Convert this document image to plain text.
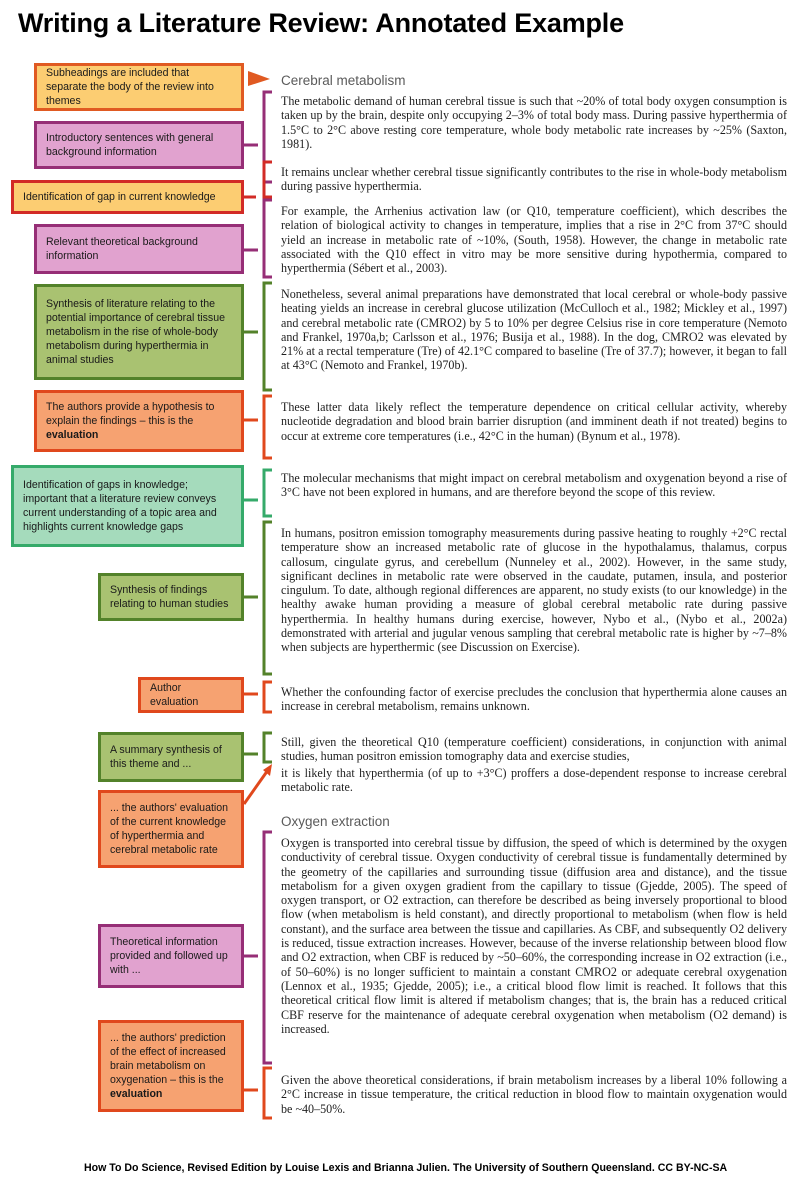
Writing a Literature Review: Annotated Example
Subheadings are included that separate the body of the review into themes
Introductory sentences with general background information
Identification of gap in current knowledge
Relevant theoretical background information
Synthesis of literature relating to the potential importance of cerebral tissue metabolism in the rise of whole-body metabolism during hyperthermia in animal studies
The authors provide a hypothesis to explain the findings – this is the evaluation
Identification of gaps in knowledge; important that a literature review conveys current understanding of a topic area and highlights current knowledge gaps
Synthesis of findings relating to human studies
Author evaluation
A summary synthesis of this theme and ...
... the authors' evaluation of the current knowledge of hyperthermia and cerebral metabolic rate
Theoretical information provided and followed up with ...
... the authors' prediction of the effect of increased brain metabolism on oxygenation – this is the evaluation
Cerebral metabolism
The metabolic demand of human cerebral tissue is such that ~20% of total body oxygen consumption is taken up by the brain, despite only occupying 2–3% of total body mass. During passive hyperthermia of 1.5°C to 2°C above resting core temperature, whole body metabolic rate increases by ~25% (Saxton, 1981).
It remains unclear whether cerebral tissue significantly contributes to the rise in whole-body metabolism during passive hyperthermia.
For example, the Arrhenius activation law (or Q10, temperature coefficient), which describes the relation of biological activity to changes in temperature, implies that a rise in 2°C from 37°C should yield an increase in metabolic rate of ~10%, (South, 1958). However, the change in metabolic rate associated with the Q10 effect in vitro may be more sensitive during hypothermia, compared to hyperthermia (Sébert et al., 2003).
Nonetheless, several animal preparations have demonstrated that local cerebral or whole-body passive heating yields an increase in cerebral glucose utilization (McCulloch et al., 1982; Mickley et al., 1997) and cerebral metabolic rate (CMRO2) by 5 to 10% per degree Celsius rise in core temperature (Nemoto and Frankel, 1970a,b; Carlsson et al., 1976; Busija et al., 1988). In the dog, CMRO2 was elevated by 21% at a rectal temperature (Tre) of 42.1°C compared to baseline (Tre of 37.7); however, it began to fall at 43°C (Nemoto and Frankel, 1970b).
These latter data likely reflect the temperature dependence on critical cellular activity, whereby nucleotide degradation and blood brain barrier disruption (and imminent death if not treated) begins to occur at extreme core temperatures (i.e., 42°C in the human) (Bynum et al., 1978).
The molecular mechanisms that might impact on cerebral metabolism and oxygenation beyond a rise of 3°C have not been explored in humans, and are therefore beyond the scope of this review.
In humans, positron emission tomography measurements during passive heating to roughly +2°C rectal temperature show an increased metabolic rate of glucose in the hypothalamus, thalamus, corpus callosum, cingulate gyrus, and cerebellum (Nunneley et al., 2002). However, in the same study, significant declines in metabolic rate were observed in the caudate, putamen, insula, and posterior cingulum. To date, although regional differences are apparent, no study exists (to our knowledge) in the healthy awake human providing a measure of global cerebral metabolic rate during passive hyperthermia. In healthy humans during exercise, however, Nybo et al., (Nybo et al., 2002a) demonstrated with arterial and jugular venous sampling that cerebral metabolic rate is higher by ~7–8% when subjects are hyperthermic (see Discussion on Exercise).
Whether the confounding factor of exercise precludes the conclusion that hyperthermia alone causes an increase in cerebral metabolism, remains unknown.
Still, given the theoretical Q10 (temperature coefficient) considerations, in conjunction with animal studies, human positron emission tomography data and exercise studies,
it is likely that hyperthermia (of up to +3°C) proffers a dose-dependent response to increase cerebral metabolic rate.
Oxygen extraction
Oxygen is transported into cerebral tissue by diffusion, the speed of which is determined by the oxygen conductivity of cerebral tissue. Oxygen conductivity of cerebral tissue is fundamentally determined by the geometry of the capillaries and surrounding tissue (diffusion area and distance), and the tissue metabolism for a given oxygen gradient from the capillary to tissue (Gjedde, 2005). The speed of oxygen transport, or O2 extraction, can therefore be described as being inversely proportional to blood flow (when metabolism is held constant), and directly proportional to metabolism (when flow is held constant), and the surface area between the tissue and capillaries. As CBF, and subsequently O2 delivery is reduced, tissue extraction increases. However, because of the inverse relationship between blood flow and O2 extraction, when CBF is reduced by ~50–60%, the corresponding increase in O2 extraction (i.e., of 50–60%) is no longer sufficient to maintain a constant CMRO2 or adequate cerebral oxygenation (Lennox et al., 1935; Gjedde, 2005); i.e., a critical blood flow limit is reached. It follows that this theoretical critical flow limit is altered if metabolism changes; that is, the brain has a reduced critical CBF reserve for the maintenance of adequate cerebral oxygenation when metabolism (O2 demand) is increased.
Given the above theoretical considerations, if brain metabolism increases by a liberal 10% following a 2°C increase in tissue temperature, the critical reduction in blood flow to maintain oxygenation would be ~40–50%.
How To Do Science, Revised Edition by Louise Lexis and Brianna Julien. The University of Southern Queensland. CC BY-NC-SA
